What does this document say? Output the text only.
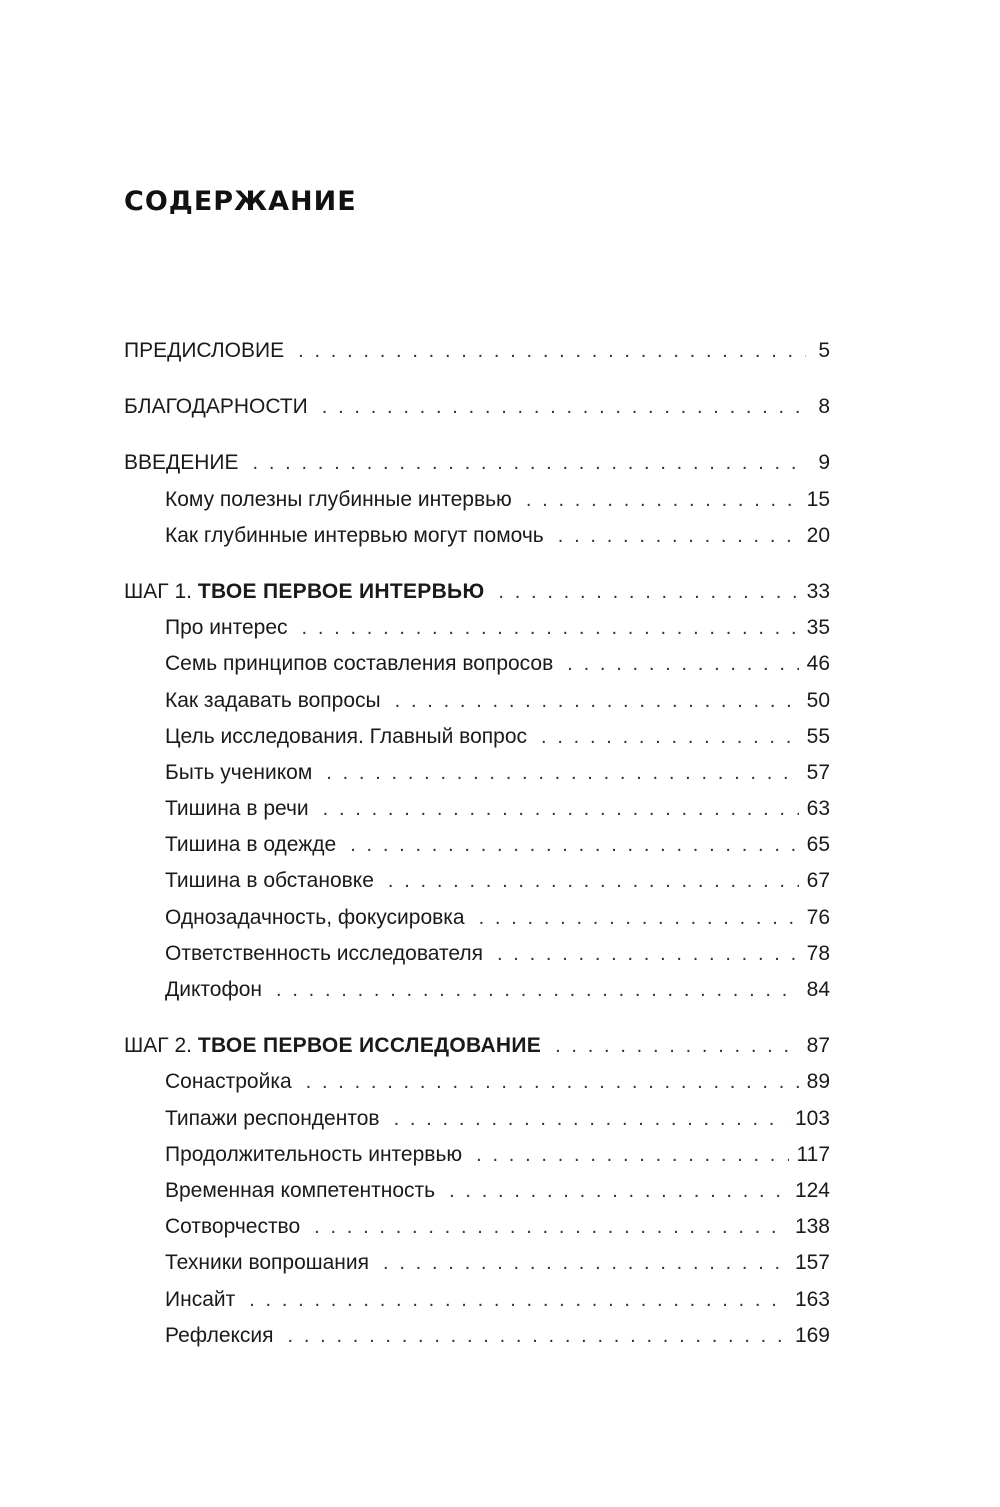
СОДЕРЖАНИЕ
ПРЕДИСЛОВИЕ . . .	5
БЛАГОДАРНОСТИ . . .	8
ВВЕДЕНИЕ . . .	9
Кому полезны глубинные интервью . . .	15
Как глубинные интервью могут помочь . . .	20
ШАГ 1. ТВОЕ ПЕРВОЕ ИНТЕРВЬЮ . . .	33
Про интерес . . .	35
Семь принципов составления вопросов . . .	46
Как задавать вопросы . . .	50
Цель исследования. Главный вопрос . . .	55
Быть учеником . . .	57
Тишина в речи . . .	63
Тишина в одежде . . .	65
Тишина в обстановке . . .	67
Однозадачность, фокусировка . . .	76
Ответственность исследователя . . .	78
Диктофон . . .	84
ШАГ 2. ТВОЕ ПЕРВОЕ ИССЛЕДОВАНИЕ . . .	87
Сонастройка . . .	89
Типажи респондентов . . .	103
Продолжительность интервью . . .	117
Временная компетентность . . .	124
Сотворчество . . .	138
Техники вопрошания . . .	157
Инсайт . . .	163
Рефлексия . . .	169
